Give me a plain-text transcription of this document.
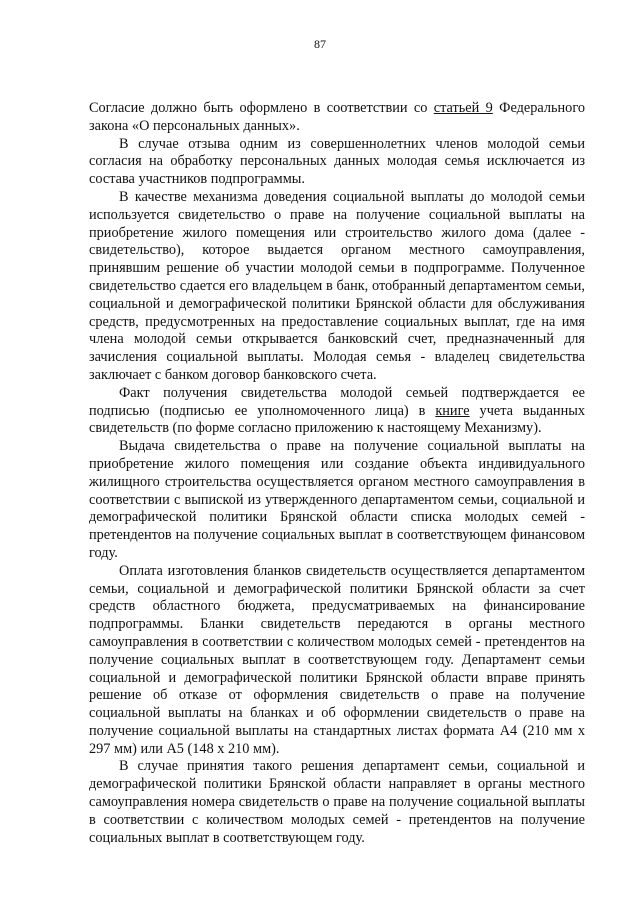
87

Согласие должно быть оформлено в соответствии со статьей 9 Федерального закона «О персональных данных».

В случае отзыва одним из совершеннолетних членов молодой семьи согласия на обработку персональных данных молодая семья исключается из состава участников подпрограммы.

В качестве механизма доведения социальной выплаты до молодой семьи используется свидетельство о праве на получение социальной выплаты на приобретение жилого помещения или строительство жилого дома (далее - свидетельство), которое выдается органом местного самоуправления, принявшим решение об участии молодой семьи в подпрограмме. Полученное свидетельство сдается его владельцем в банк, отобранный департаментом семьи, социальной и демографической политики Брянской области для обслуживания средств, предусмотренных на предоставление социальных выплат, где на имя члена молодой семьи открывается банковский счет, предназначенный для зачисления социальной выплаты. Молодая семья - владелец свидетельства заключает с банком договор банковского счета.

Факт получения свидетельства молодой семьей подтверждается ее подписью (подписью ее уполномоченного лица) в книге учета выданных свидетельств (по форме согласно приложению к настоящему Механизму).

Выдача свидетельства о праве на получение социальной выплаты на приобретение жилого помещения или создание объекта индивидуального жилищного строительства осуществляется органом местного самоуправления в соответствии с выпиской из утвержденного департаментом семьи, социальной и демографической политики Брянской области списка молодых семей - претендентов на получение социальных выплат в соответствующем финансовом году.

Оплата изготовления бланков свидетельств осуществляется департаментом семьи, социальной и демографической политики Брянской области за счет средств областного бюджета, предусматриваемых на финансирование подпрограммы. Бланки свидетельств передаются в органы местного самоуправления в соответствии с количеством молодых семей - претендентов на получение социальных выплат в соответствующем году. Департамент семьи социальной и демографической политики Брянской области вправе принять решение об отказе от оформления свидетельств о праве на получение социальной выплаты на бланках и об оформлении свидетельств о праве на получение социальной выплаты на стандартных листах формата А4 (210 мм x 297 мм) или А5 (148 x 210 мм).

В случае принятия такого решения департамент семьи, социальной и демографической политики Брянской области направляет в органы местного самоуправления номера свидетельств о праве на получение социальной выплаты в соответствии с количеством молодых семей - претендентов на получение социальных выплат в соответствующем году.
